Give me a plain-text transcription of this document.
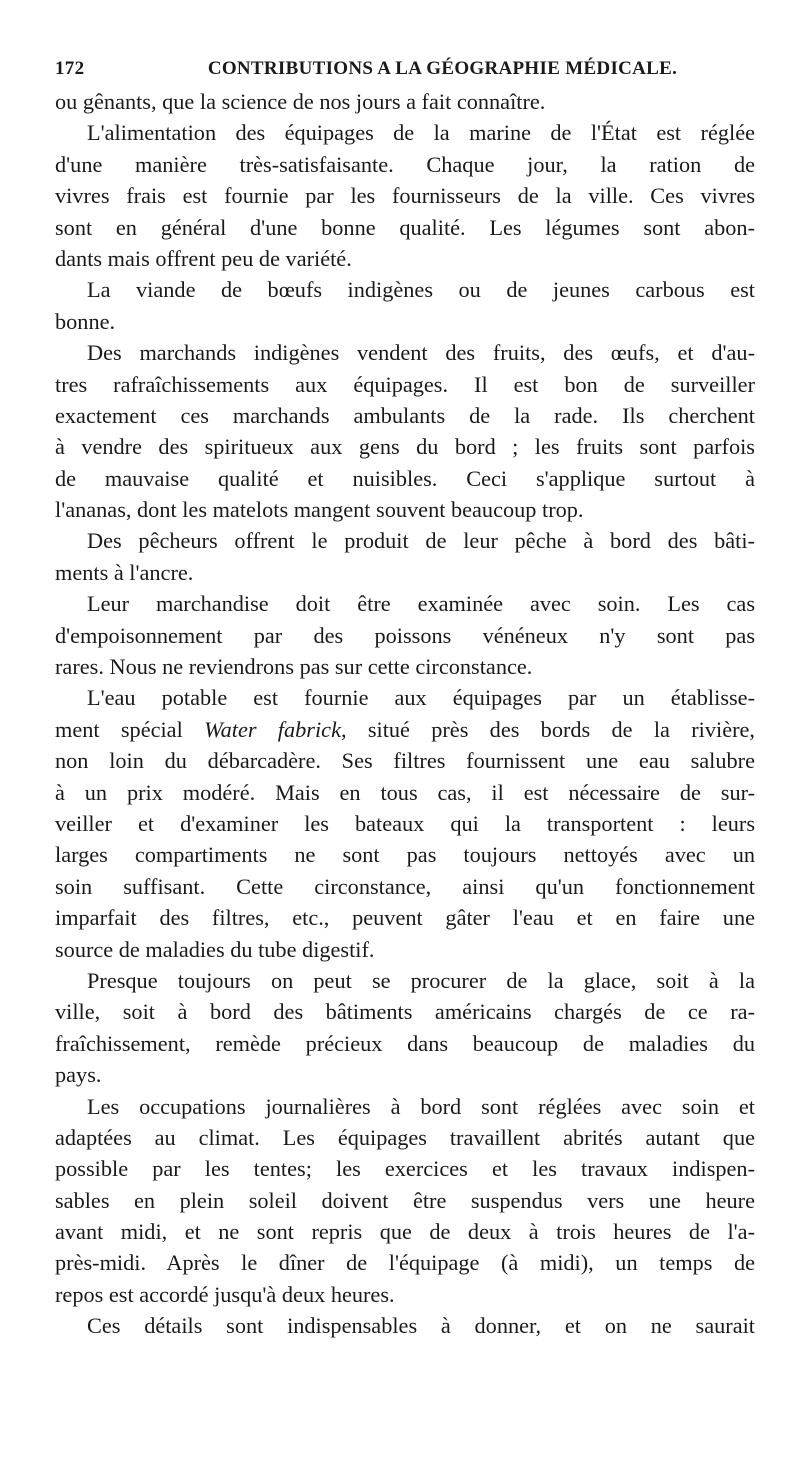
172	CONTRIBUTIONS A LA GÉOGRAPHIE MÉDICALE.
ou gênants, que la science de nos jours a fait connaître.
L'alimentation des équipages de la marine de l'État est réglée
d'une manière très-satisfaisante. Chaque jour, la ration de
vivres frais est fournie par les fournisseurs de la ville. Ces vivres
sont en général d'une bonne qualité. Les légumes sont abon-
dants mais offrent peu de variété.
La viande de bœufs indigènes ou de jeunes carbous est
bonne.
Des marchands indigènes vendent des fruits, des œufs, et d'au-
tres rafraîchissements aux équipages. Il est bon de surveiller
exactement ces marchands ambulants de la rade. Ils cherchent
à vendre des spiritueux aux gens du bord ; les fruits sont parfois
de mauvaise qualité et nuisibles. Ceci s'applique surtout à
l'ananas, dont les matelots mangent souvent beaucoup trop.
Des pêcheurs offrent le produit de leur pêche à bord des bâti-
ments à l'ancre.
Leur marchandise doit être examinée avec soin. Les cas
d'empoisonnement par des poissons vénéneux n'y sont pas
rares. Nous ne reviendrons pas sur cette circonstance.
L'eau potable est fournie aux équipages par un établisse-
ment spécial Water fabrick, situé près des bords de la rivière,
non loin du débarcadère. Ses filtres fournissent une eau salubre
à un prix modéré. Mais en tous cas, il est nécessaire de sur-
veiller et d'examiner les bateaux qui la transportent : leurs
larges compartiments ne sont pas toujours nettoyés avec un
soin suffisant. Cette circonstance, ainsi qu'un fonctionnement
imparfait des filtres, etc., peuvent gâter l'eau et en faire une
source de maladies du tube digestif.
Presque toujours on peut se procurer de la glace, soit à la
ville, soit à bord des bâtiments américains chargés de ce ra-
fraîchissement, remède précieux dans beaucoup de maladies du
pays.
Les occupations journalières à bord sont réglées avec soin et
adaptées au climat. Les équipages travaillent abrités autant que
possible par les tentes; les exercices et les travaux indispen-
sables en plein soleil doivent être suspendus vers une heure
avant midi, et ne sont repris que de deux à trois heures de l'a-
près-midi. Après le dîner de l'équipage (à midi), un temps de
repos est accordé jusqu'à deux heures.
Ces détails sont indispensables à donner, et on ne saurait
